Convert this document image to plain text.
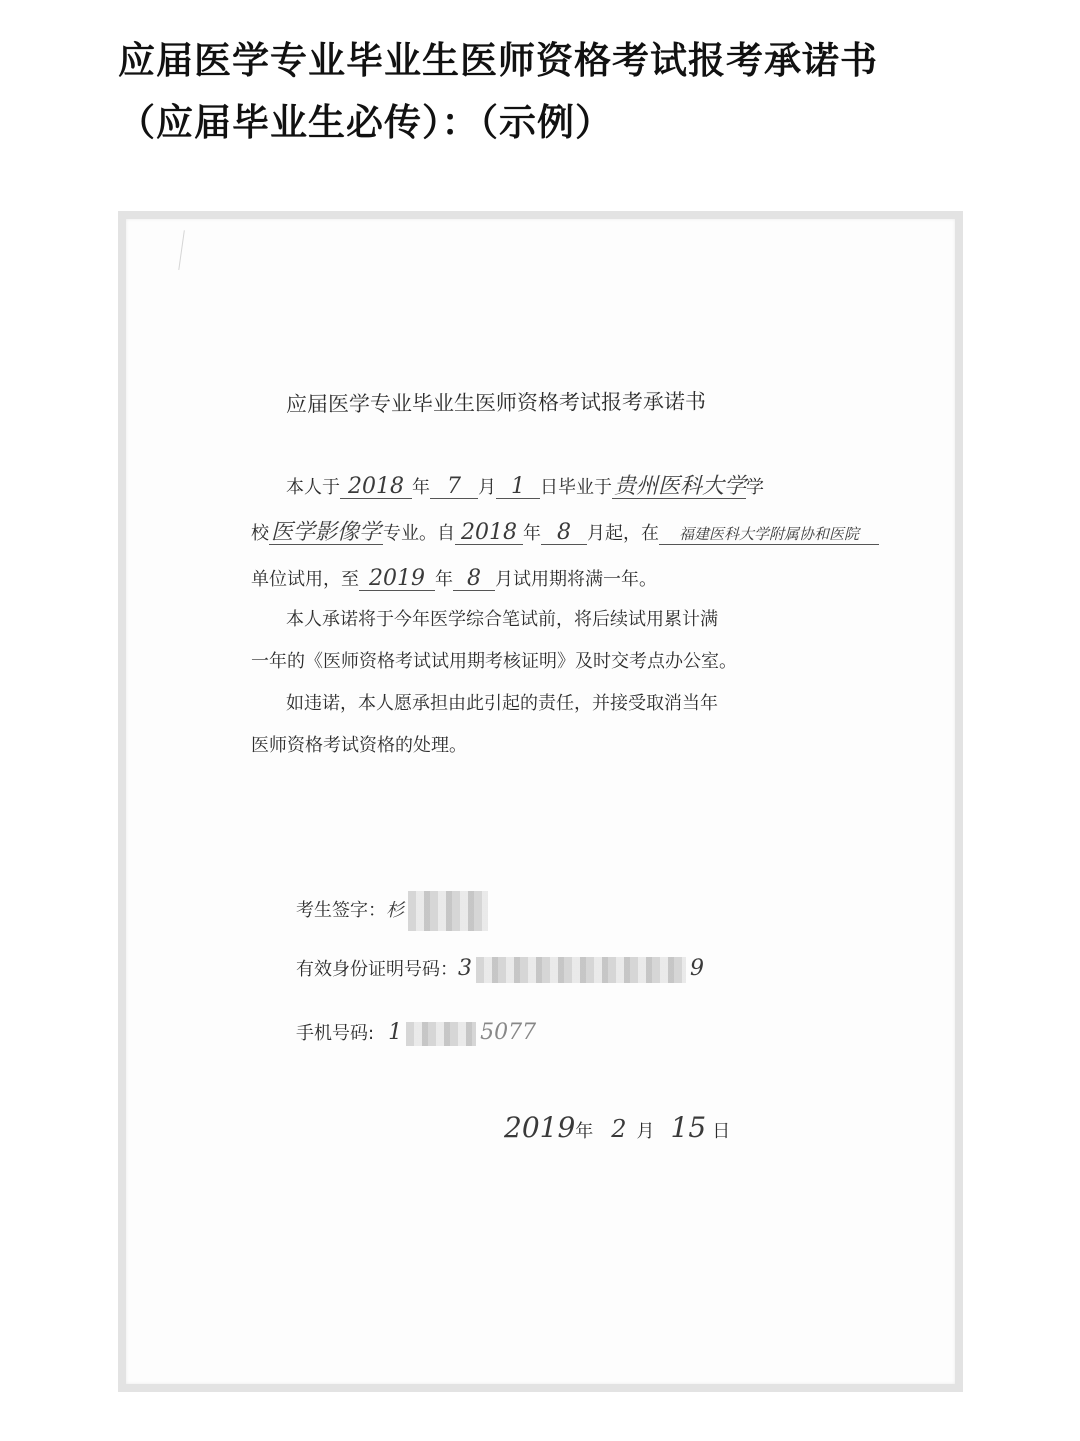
应届医学专业毕业生医师资格考试报考承诺书
（应届毕业生必传）：（示例）
应届医学专业毕业生医师资格考试报考承诺书
本人于 2018 年 7 月 1 日毕业于贵州医科大学学
校医学影像学 专业。自 2018 年 8 月起，在 福建医科大学附属协和医院
单位试用，至 2019 年 8 月试用期将满一年。
本人承诺将于今年医学综合笔试前，将后续试用累计满
一年的《医师资格考试试用期考核证明》及时交考点办公室。
如违诺，本人愿承担由此引起的责任，并接受取消当年
医师资格考试资格的处理。
考生签字：杉
有效身份证明号码：3	9
手机号码: 1	5077
2019年 2 月 15 日
